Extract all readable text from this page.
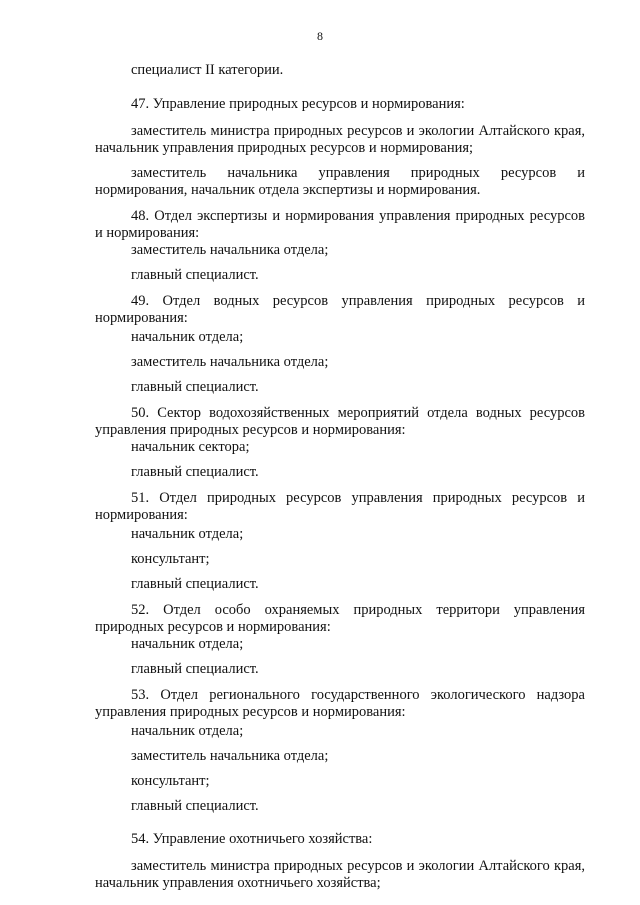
8
специалист II категории.
47. Управление природных ресурсов и нормирования:
заместитель министра природных ресурсов и экологии Алтайского края, начальник управления природных ресурсов и нормирования;
заместитель начальника управления природных ресурсов и нормирования, начальник отдела экспертизы и нормирования.
48. Отдел экспертизы и нормирования управления природных ресурсов и нормирования:
заместитель начальника отдела;
главный специалист.
49. Отдел водных ресурсов управления природных ресурсов и нормирования:
начальник отдела;
заместитель начальника отдела;
главный специалист.
50. Сектор водохозяйственных мероприятий отдела водных ресурсов управления природных ресурсов и нормирования:
начальник сектора;
главный специалист.
51. Отдел природных ресурсов управления природных ресурсов и нормирования:
начальник отдела;
консультант;
главный специалист.
52. Отдел особо охраняемых природных территори управления природных ресурсов и нормирования:
начальник отдела;
главный специалист.
53. Отдел регионального государственного экологического надзора управления природных ресурсов и нормирования:
начальник отдела;
заместитель начальника отдела;
консультант;
главный специалист.
54. Управление охотничьего хозяйства:
заместитель министра природных ресурсов и экологии Алтайского края, начальник управления охотничьего хозяйства;
